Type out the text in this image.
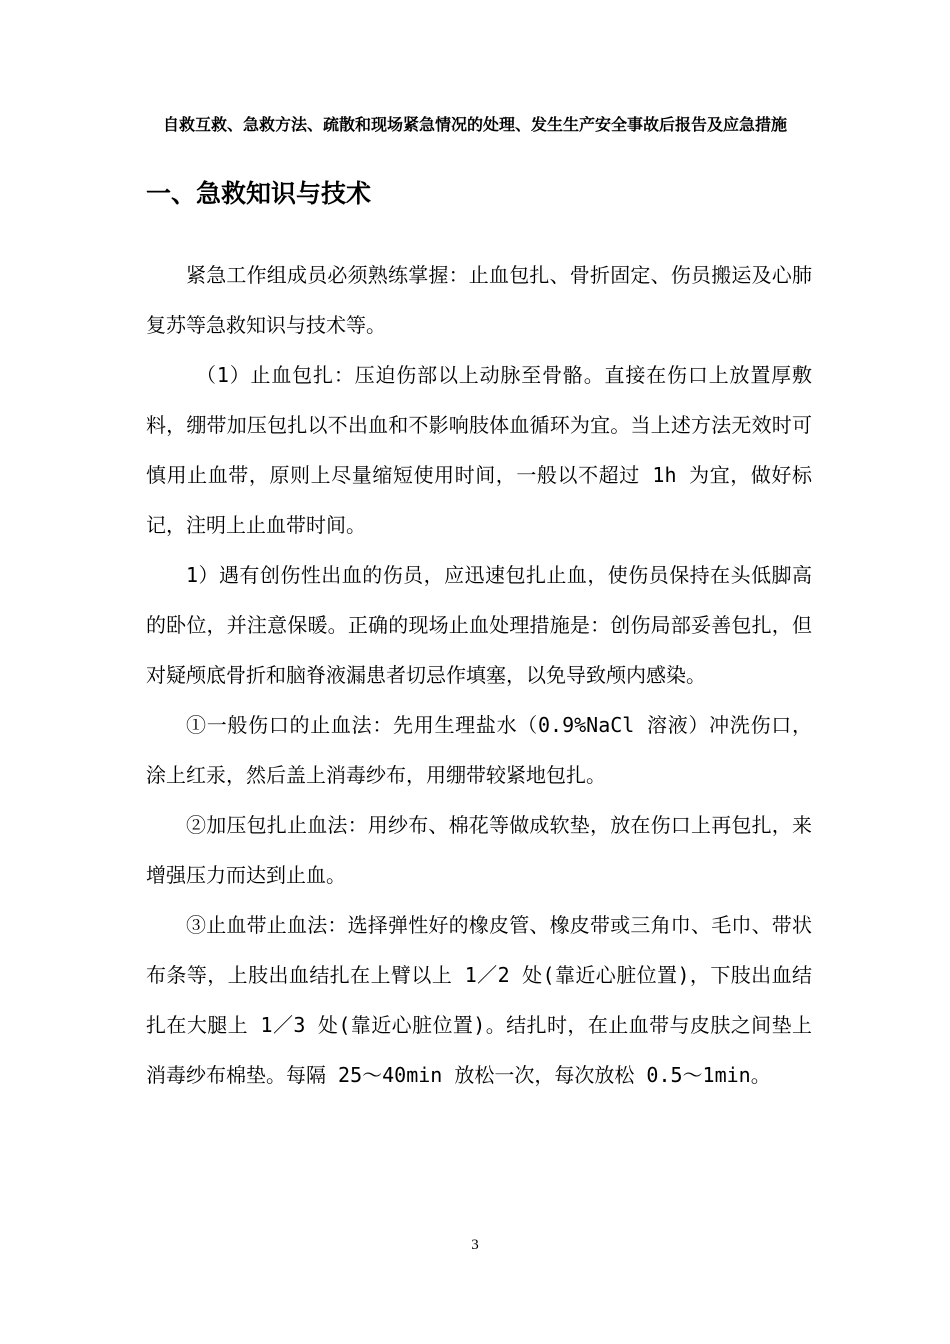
自救互救、急救方法、疏散和现场紧急情况的处理、发生生产安全事故后报告及应急措施
一、急救知识与技术

紧急工作组成员必须熟练掌握：止血包扎、骨折固定、伤员搬运及心肺复苏等急救知识与技术等。

（1）止血包扎：压迫伤部以上动脉至骨骼。直接在伤口上放置厚敷料，绷带加压包扎以不出血和不影响肢体血循环为宜。当上述方法无效时可慎用止血带，原则上尽量缩短使用时间，一般以不超过 1h 为宜，做好标记，注明上止血带时间。

1）遇有创伤性出血的伤员，应迅速包扎止血，使伤员保持在头低脚高的卧位，并注意保暖。正确的现场止血处理措施是：创伤局部妥善包扎，但对疑颅底骨折和脑脊液漏患者切忌作填塞，以免导致颅内感染。

①一般伤口的止血法：先用生理盐水（0.9%NaCl 溶液）冲洗伤口，涂上红汞，然后盖上消毒纱布，用绷带较紧地包扎。

②加压包扎止血法：用纱布、棉花等做成软垫，放在伤口上再包扎，来增强压力而达到止血。

③止血带止血法：选择弹性好的橡皮管、橡皮带或三角巾、毛巾、带状布条等，上肢出血结扎在上臂以上 1／2 处(靠近心脏位置)，下肢出血结扎在大腿上 1／3 处(靠近心脏位置)。结扎时，在止血带与皮肤之间垫上消毒纱布棉垫。每隔 25～40min 放松一次，每次放松 0.5～1min。

3
